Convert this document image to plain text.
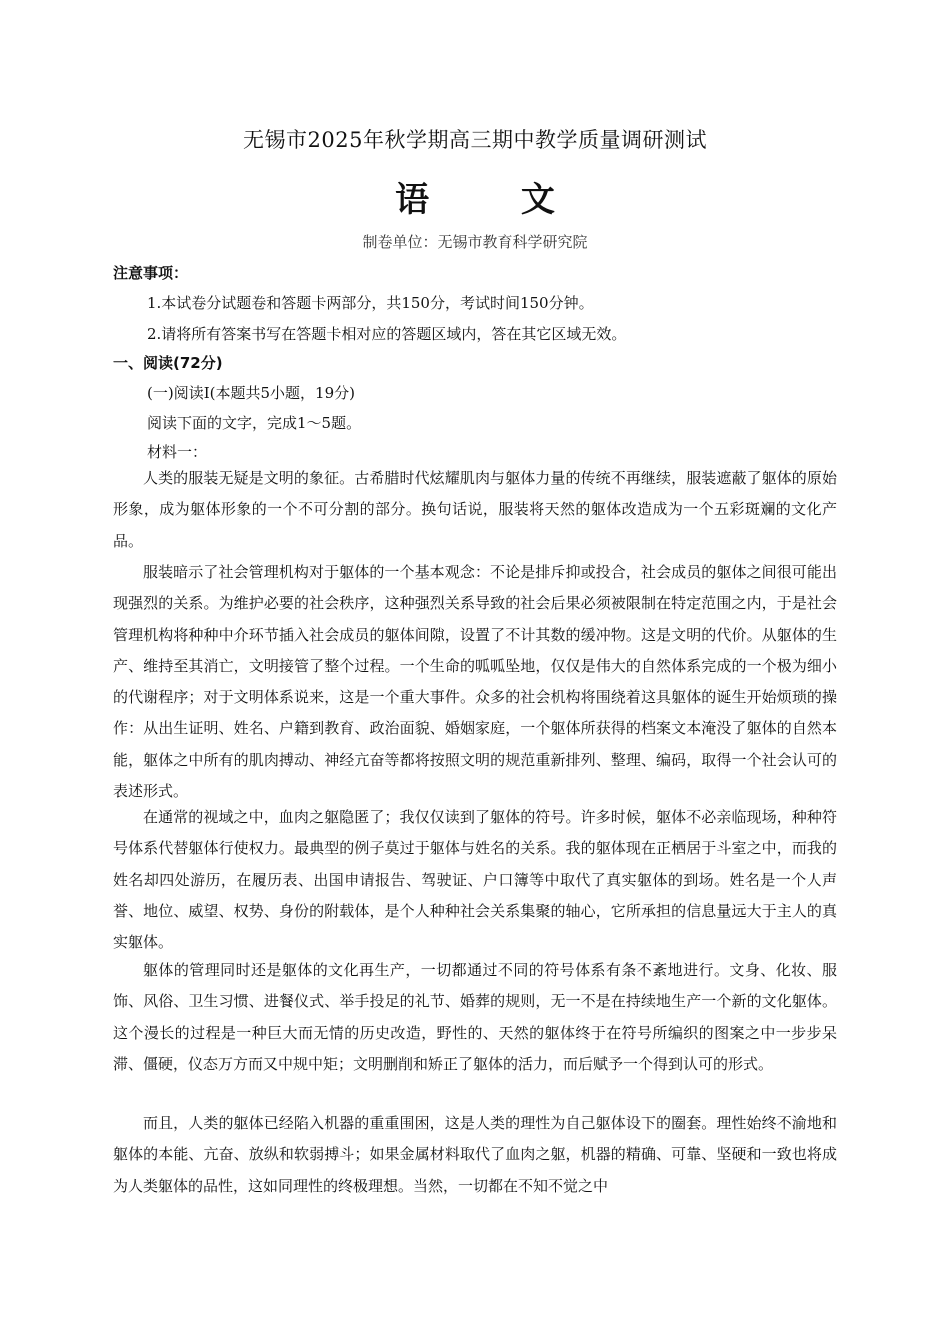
无锡市2025年秋学期高三期中教学质量调研测试
语 文
制卷单位：无锡市教育科学研究院
注意事项：
1.本试卷分试题卷和答题卡两部分，共150分，考试时间150分钟。
2.请将所有答案书写在答题卡相对应的答题区域内，答在其它区域无效。
一、阅读(72分)
(一)阅读Ⅰ(本题共5小题，19分)
阅读下面的文字，完成1～5题。
材料一：

人类的服装无疑是文明的象征。古希腊时代炫耀肌肉与躯体力量的传统不再继续，服装遮蔽了躯体的原始形象，成为躯体形象的一个不可分割的部分。换句话说，服装将天然的躯体改造成为一个五彩斑斓的文化产品。

服装暗示了社会管理机构对于躯体的一个基本观念：不论是排斥抑或投合，社会成员的躯体之间很可能出现强烈的关系。为维护必要的社会秩序，这种强烈关系导致的社会后果必须被限制在特定范围之内，于是社会管理机构将种种中介环节插入社会成员的躯体间隙，设置了不计其数的缓冲物。这是文明的代价。从躯体的生产、维持至其消亡，文明接管了整个过程。一个生命的呱呱坠地，仅仅是伟大的自然体系完成的一个极为细小的代谢程序；对于文明体系说来，这是一个重大事件。众多的社会机构将围绕着这具躯体的诞生开始烦琐的操作：从出生证明、姓名、户籍到教育、政治面貌、婚姻家庭，一个躯体所获得的档案文本淹没了躯体的自然本能，躯体之中所有的肌肉搏动、神经亢奋等都将按照文明的规范重新排列、整理、编码，取得一个社会认可的表述形式。

在通常的视域之中，血肉之躯隐匿了；我仅仅读到了躯体的符号。许多时候，躯体不必亲临现场，种种符号体系代替躯体行使权力。最典型的例子莫过于躯体与姓名的关系。我的躯体现在正栖居于斗室之中，而我的姓名却四处游历，在履历表、出国申请报告、驾驶证、户口簿等中取代了真实躯体的到场。姓名是一个人声誉、地位、威望、权势、身份的附载体，是个人种种社会关系集聚的轴心，它所承担的信息量远大于主人的真实躯体。

躯体的管理同时还是躯体的文化再生产，一切都通过不同的符号体系有条不紊地进行。文身、化妆、服饰、风俗、卫生习惯、进餐仪式、举手投足的礼节、婚葬的规则，无一不是在持续地生产一个新的文化躯体。这个漫长的过程是一种巨大而无情的历史改造，野性的、天然的躯体终于在符号所编织的图案之中一步步呆滞、僵硬，仪态万方而又中规中矩；文明删削和矫正了躯体的活力，而后赋予一个得到认可的形式。

而且，人类的躯体已经陷入机器的重重围困，这是人类的理性为自己躯体设下的圈套。理性始终不渝地和躯体的本能、亢奋、放纵和软弱搏斗；如果金属材料取代了血肉之躯，机器的精确、可靠、坚硬和一致也将成为人类躯体的品性，这如同理性的终极理想。当然，一切都在不知不觉之中
